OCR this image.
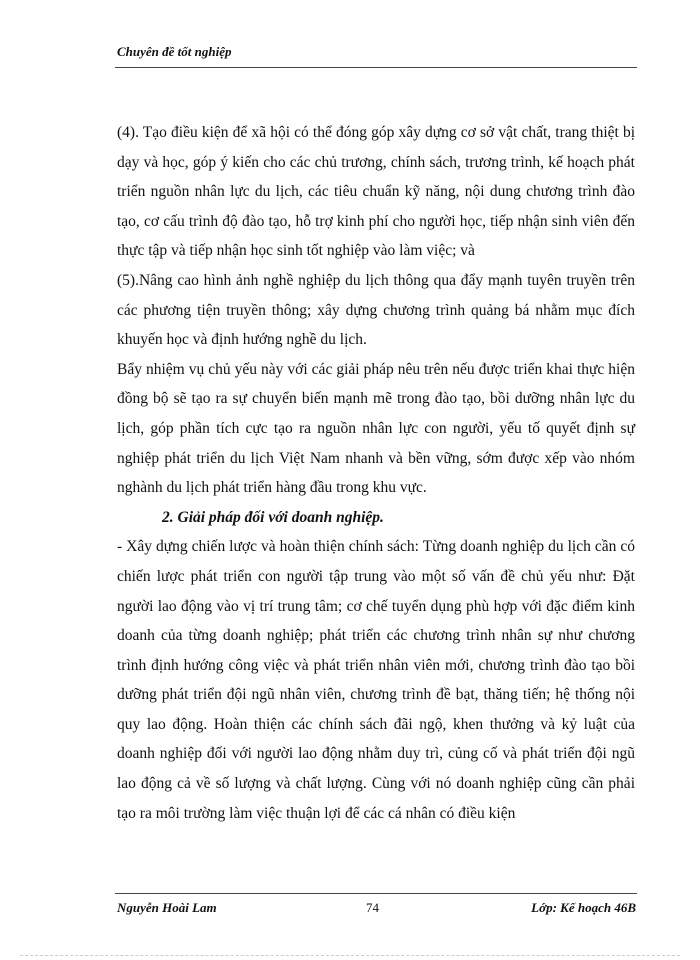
Chuyên đề tốt nghiệp

(4). Tạo điều kiện để xã hội có thể đóng góp xây dựng cơ sở vật chất, trang thiệt bị dạy và học, góp ý kiến cho các chủ trương, chính sách, trương trình, kế hoạch phát triển nguồn nhân lực du lịch, các tiêu chuẩn kỹ năng, nội dung chương trình đào tạo, cơ cấu trình độ đào tạo, hỗ trợ kinh phí cho người học, tiếp nhận sinh viên đến thực tập và tiếp nhận học sinh tốt nghiệp vào làm việc; và

(5).Nâng cao hình ảnh nghề nghiệp du lịch thông qua đẩy mạnh tuyên truyền trên các phương tiện truyền thông; xây dựng chương trình quảng bá nhằm mục đích khuyến học và định hướng nghề du lịch.

Bẩy nhiệm vụ chủ yếu này với các giải pháp nêu trên nếu được triển khai thực hiện đồng bộ sẽ tạo ra sự chuyển biến mạnh mẽ trong đào tạo, bồi dưỡng nhân lực du lịch, góp phần tích cực tạo ra nguồn nhân lực con người, yếu tố quyết định sự nghiệp phát triển du lịch Việt Nam nhanh và bền vững, sớm được xếp vào nhóm nghành du lịch phát triển hàng đầu trong khu vực.

2. Giải pháp đối với doanh nghiệp.

- Xây dựng chiến lược và hoàn thiện chính sách: Từng doanh nghiệp du lịch cần có chiến lược phát triển con người tập trung vào một số vấn đề chủ yếu như: Đặt người lao động vào vị trí trung tâm; cơ chế tuyển dụng phù hợp với đặc điểm kinh doanh của từng doanh nghiệp; phát triển các chương trình nhân sự như chương trình định hướng công việc và phát triển nhân viên mới, chương trình đào tạo bồi dưỡng phát triển đội ngũ nhân viên, chương trình đề bạt, thăng tiến; hệ thống nội quy lao động. Hoàn thiện các chính sách đãi ngộ, khen thưởng và kỷ luật của doanh nghiệp đối với người lao động nhằm duy trì, củng cố và phát triển đội ngũ lao động cả về số lượng và chất lượng. Cùng với nó doanh nghiệp cũng cần phải tạo ra môi trường làm việc thuận lợi để các cá nhân có điều kiện

Nguyễn Hoài Lam	74	Lớp: Kế hoạch 46B
